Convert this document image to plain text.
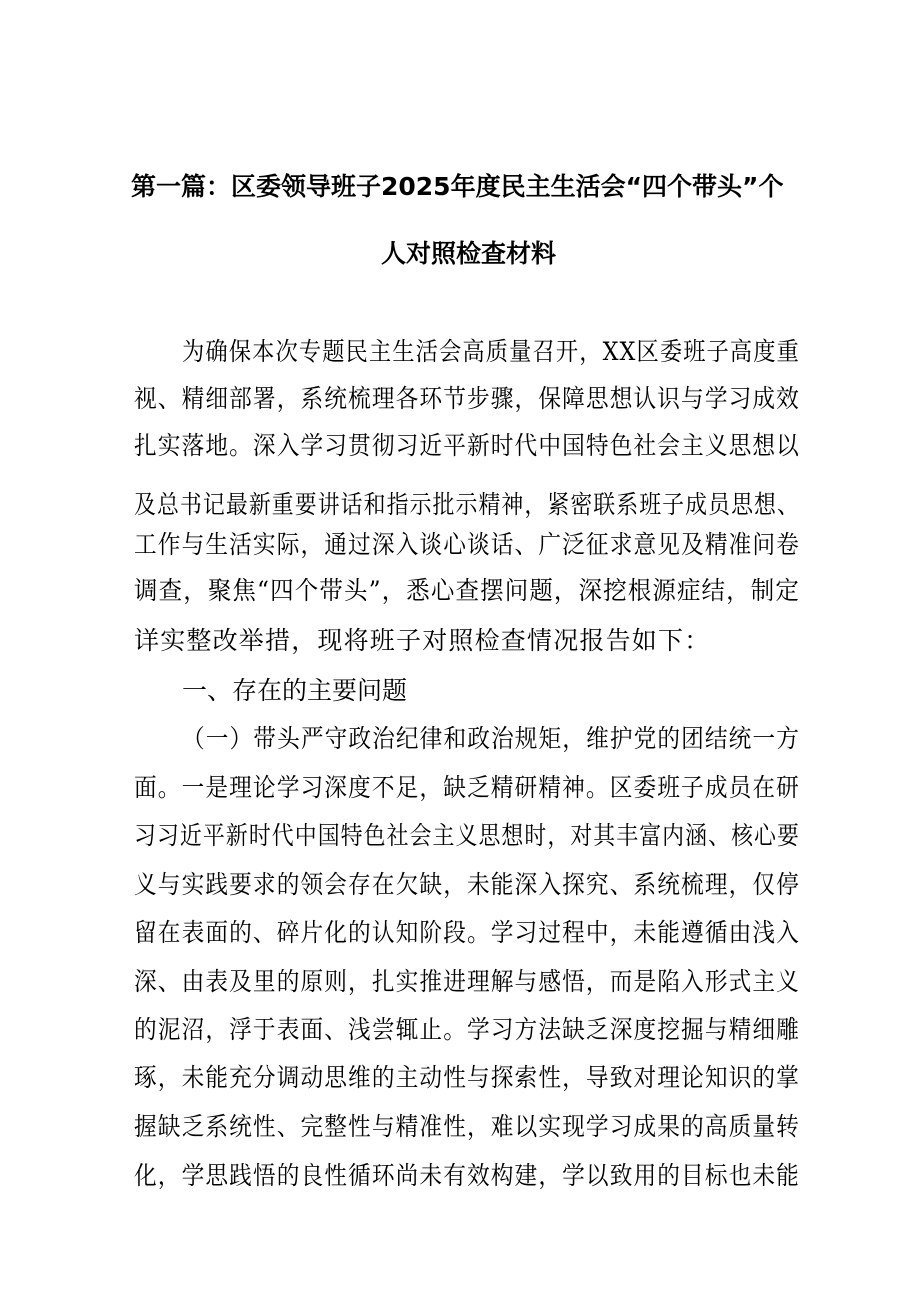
第一篇：区委领导班子2025年度民主生活会“四个带头”个
人对照检查材料
为确保本次专题民主生活会高质量召开，XX区委班子高度重
视、精细部署，系统梳理各环节步骤，保障思想认识与学习成效
扎实落地。深入学习贯彻习近平新时代中国特色社会主义思想以
及总书记最新重要讲话和指示批示精神，紧密联系班子成员思想、
工作与生活实际，通过深入谈心谈话、广泛征求意见及精准问卷
调查，聚焦“四个带头”，悉心查摆问题，深挖根源症结，制定
详实整改举措，现将班子对照检查情况报告如下：
一、存在的主要问题
（一）带头严守政治纪律和政治规矩，维护党的团结统一方
面。一是理论学习深度不足，缺乏精研精神。区委班子成员在研
习习近平新时代中国特色社会主义思想时，对其丰富内涵、核心要
义与实践要求的领会存在欠缺，未能深入探究、系统梳理，仅停
留在表面的、碎片化的认知阶段。学习过程中，未能遵循由浅入
深、由表及里的原则，扎实推进理解与感悟，而是陷入形式主义
的泥沼，浮于表面、浅尝辄止。学习方法缺乏深度挖掘与精细雕
琢，未能充分调动思维的主动性与探索性，导致对理论知识的掌
握缺乏系统性、完整性与精准性，难以实现学习成果的高质量转
化，学思践悟的良性循环尚未有效构建，学以致用的目标也未能
